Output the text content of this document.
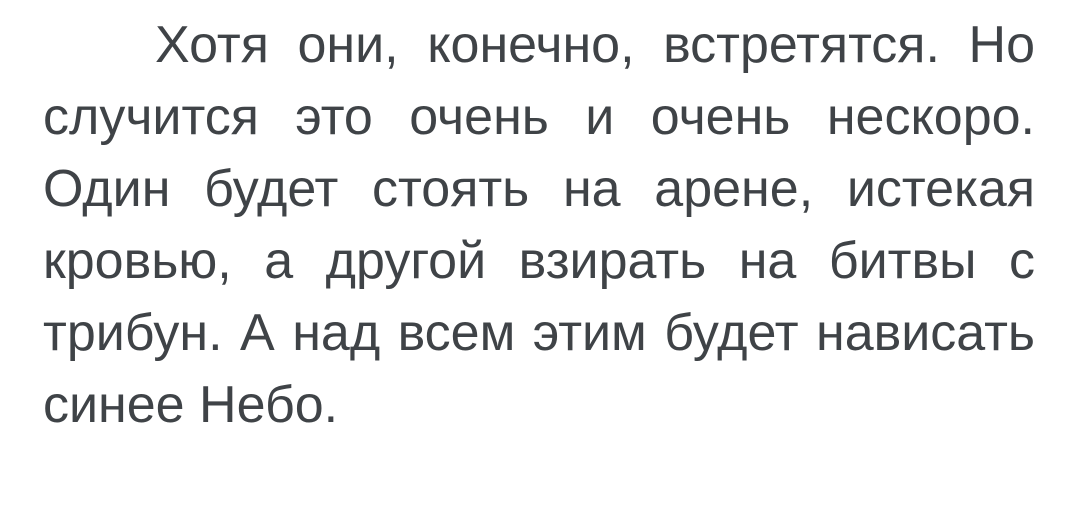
Хотя они, конечно, встретятся. Но случится это очень и очень нескоро. Один будет стоять на арене, истекая кровью, а другой взирать на битвы с трибун. А над всем этим будет нависать синее Небо.
